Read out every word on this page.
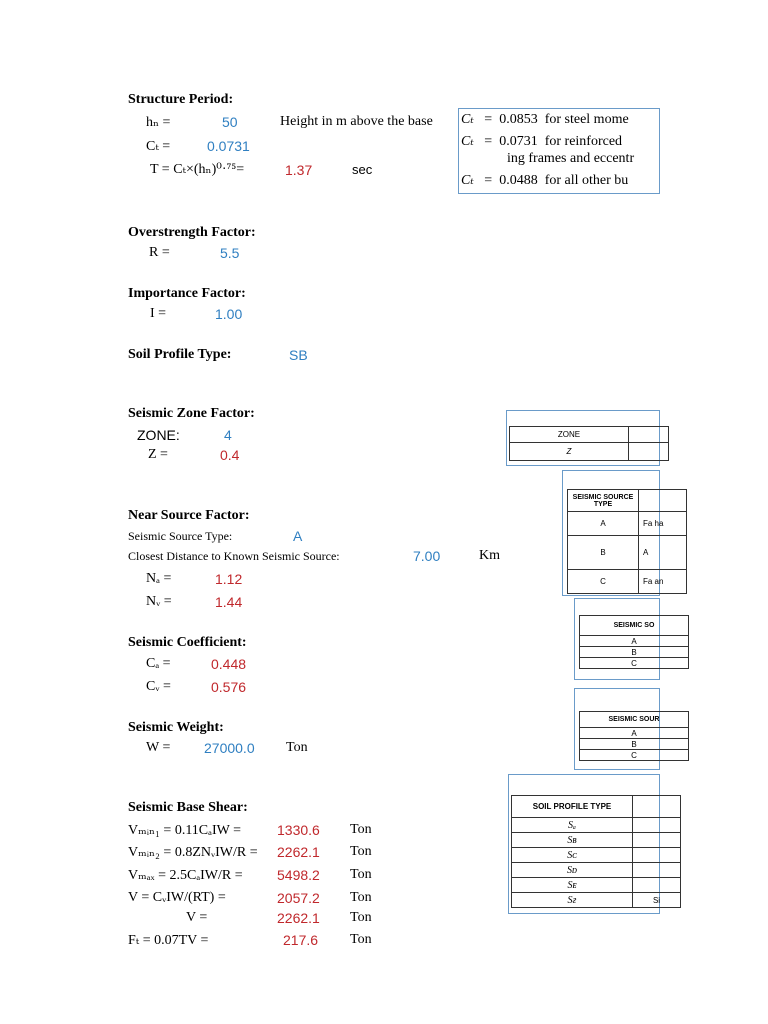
Structure Period:
hₙ =	50	Height in m above the base
Cₜ =	0.0731
T = Cₜ×(hₙ)⁰·⁷⁵=	1.37	sec
Cₜ = 0.0853 for steel mome
Cₜ = 0.0731 for reinforced
ing frames and eccentr
Cₜ = 0.0488 for all other bu
Overstrength Factor:
R =	5.5
Importance Factor:
I =	1.00
Soil Profile Type:	SB
Seismic Zone Factor:
ZONE:	4
Z =	0.4
ZONE	
Z	
Near Source Factor:
Seismic Source Type:	A
Closest Distance to Known Seismic Source:	7.00	Km
Nₐ =	1.12
Nᵥ =	1.44
SEISMIC SOURCE TYPE	
A	Fa ha
B	A
C	Fa an
SEISMIC SO
A
B
C
Seismic Coefficient:
Cₐ =	0.448
Cᵥ =	0.576
SEISMIC SOUR
A
B
C
Seismic Weight:
W = 27000.0 Ton
SOIL PROFILE TYPE	
Sₐ	
Sʙ	
Sᴄ	
Sᴅ	
Sᴇ	
Sғ	Si
Seismic Base Shear:
Vₘᵢₙ₁ = 0.11CₐIW =	1330.6 Ton
Vₘᵢₙ₂ = 0.8ZNᵥIW/R = 2262.1 Ton
Vₘₐₓ = 2.5CₐIW/R = 5498.2 Ton
V = CᵥIW/(RT) =	2057.2 Ton
V =	2262.1 Ton
Fₜ = 0.07TV =	217.6 Ton
